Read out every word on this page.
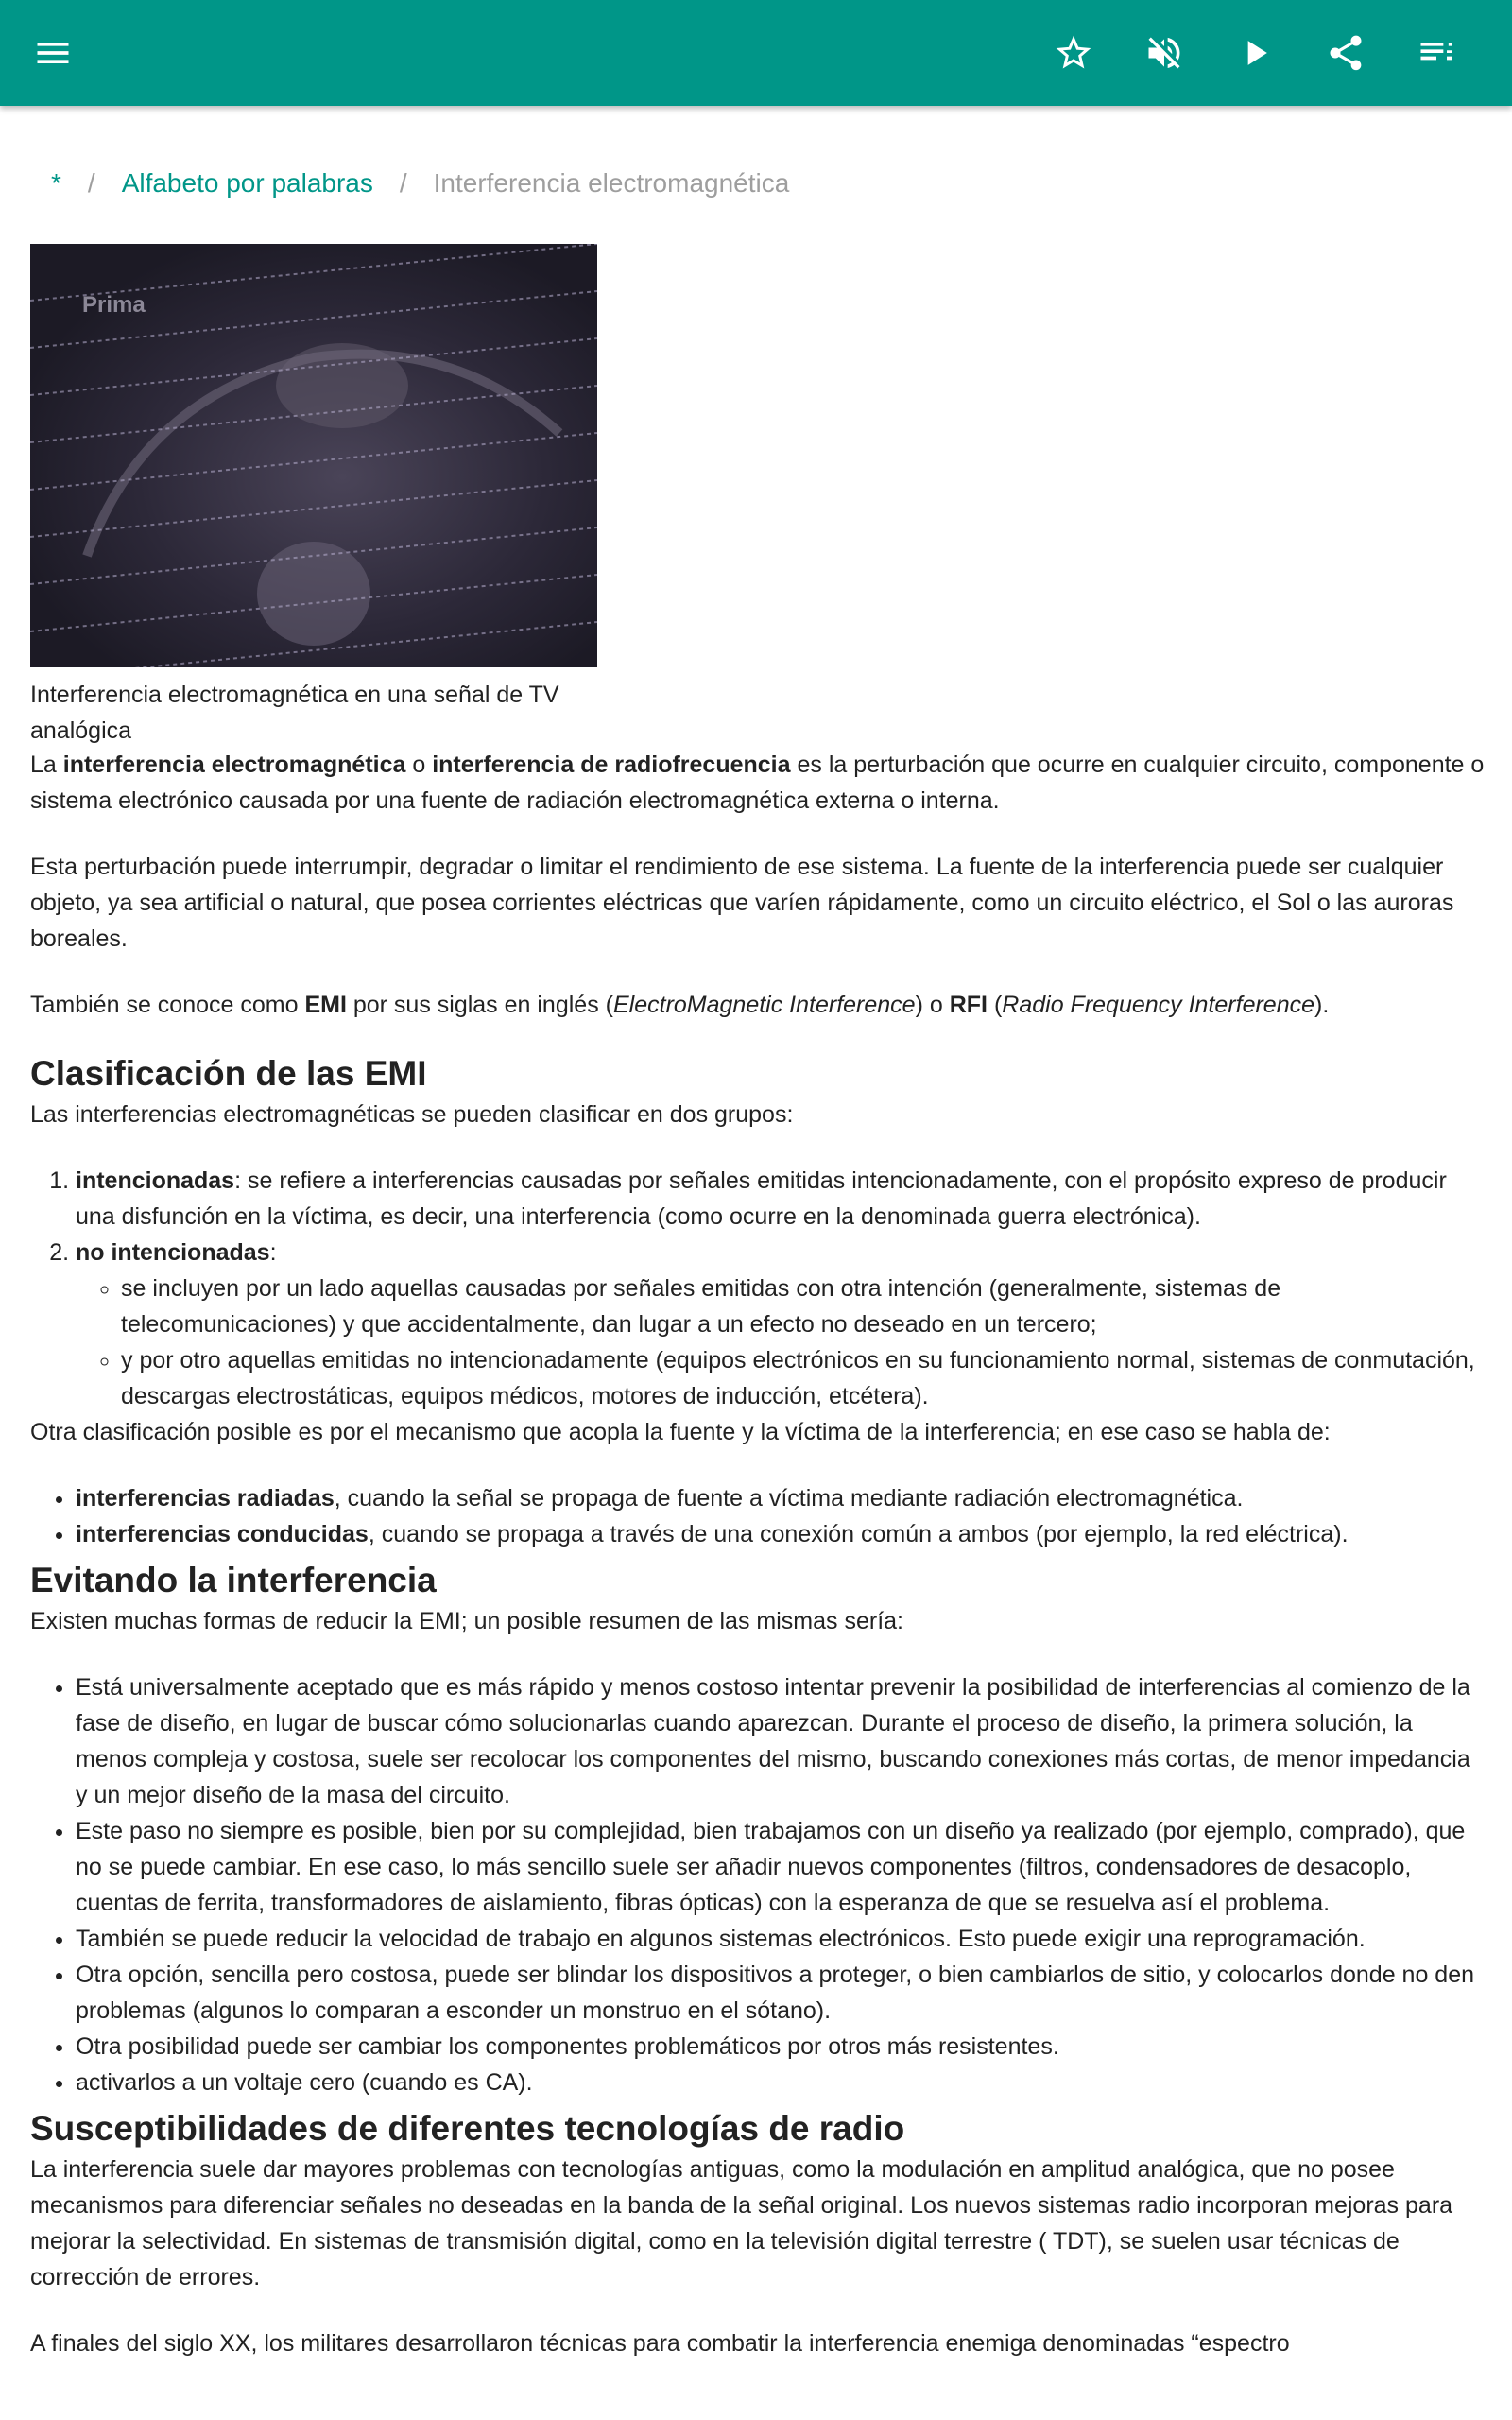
* / Alfabeto por palabras / Interferencia electromagnética
Prima
Interferencia electromagnética en una señal de TV analógica

La interferencia electromagnética o interferencia de radiofrecuencia es la perturbación que ocurre en cualquier circuito, componente o sistema electrónico causada por una fuente de radiación electromagnética externa o interna.

Esta perturbación puede interrumpir, degradar o limitar el rendimiento de ese sistema. La fuente de la interferencia puede ser cualquier objeto, ya sea artificial o natural, que posea corrientes eléctricas que varíen rápidamente, como un circuito eléctrico, el Sol o las auroras boreales.

También se conoce como EMI por sus siglas en inglés (ElectroMagnetic Interference) o RFI (Radio Frequency Interference).

Clasificación de las EMI

Las interferencias electromagnéticas se pueden clasificar en dos grupos:

1. intencionadas: se refiere a interferencias causadas por señales emitidas intencionadamente, con el propósito expreso de producir una disfunción en la víctima, es decir, una interferencia (como ocurre en la denominada guerra electrónica).
2. no intencionadas:
◦ se incluyen por un lado aquellas causadas por señales emitidas con otra intención (generalmente, sistemas de telecomunicaciones) y que accidentalmente, dan lugar a un efecto no deseado en un tercero;
◦ y por otro aquellas emitidas no intencionadamente (equipos electrónicos en su funcionamiento normal, sistemas de conmutación, descargas electrostáticas, equipos médicos, motores de inducción, etcétera).

Otra clasificación posible es por el mecanismo que acopla la fuente y la víctima de la interferencia; en ese caso se habla de:

• interferencias radiadas, cuando la señal se propaga de fuente a víctima mediante radiación electromagnética.
• interferencias conducidas, cuando se propaga a través de una conexión común a ambos (por ejemplo, la red eléctrica).
Evitando la interferencia

Existen muchas formas de reducir la EMI; un posible resumen de las mismas sería:

• Está universalmente aceptado que es más rápido y menos costoso intentar prevenir la posibilidad de interferencias al comienzo de la fase de diseño, en lugar de buscar cómo solucionarlas cuando aparezcan. Durante el proceso de diseño, la primera solución, la menos compleja y costosa, suele ser recolocar los componentes del mismo, buscando conexiones más cortas, de menor impedancia y un mejor diseño de la masa del circuito.
• Este paso no siempre es posible, bien por su complejidad, bien trabajamos con un diseño ya realizado (por ejemplo, comprado), que no se puede cambiar. En ese caso, lo más sencillo suele ser añadir nuevos componentes (filtros, condensadores de desacoplo, cuentas de ferrita, transformadores de aislamiento, fibras ópticas) con la esperanza de que se resuelva así el problema.
• También se puede reducir la velocidad de trabajo en algunos sistemas electrónicos. Esto puede exigir una reprogramación.
• Otra opción, sencilla pero costosa, puede ser blindar los dispositivos a proteger, o bien cambiarlos de sitio, y colocarlos donde no den problemas (algunos lo comparan a esconder un monstruo en el sótano).
• Otra posibilidad puede ser cambiar los componentes problemáticos por otros más resistentes.
• activarlos a un voltaje cero (cuando es CA).
Susceptibilidades de diferentes tecnologías de radio

La interferencia suele dar mayores problemas con tecnologías antiguas, como la modulación en amplitud analógica, que no posee mecanismos para diferenciar señales no deseadas en la banda de la señal original. Los nuevos sistemas radio incorporan mejoras para mejorar la selectividad. En sistemas de transmisión digital, como en la televisión digital terrestre ( TDT), se suelen usar técnicas de corrección de errores.

A finales del siglo XX, los militares desarrollaron técnicas para combatir la interferencia enemiga denominadas “espectro
